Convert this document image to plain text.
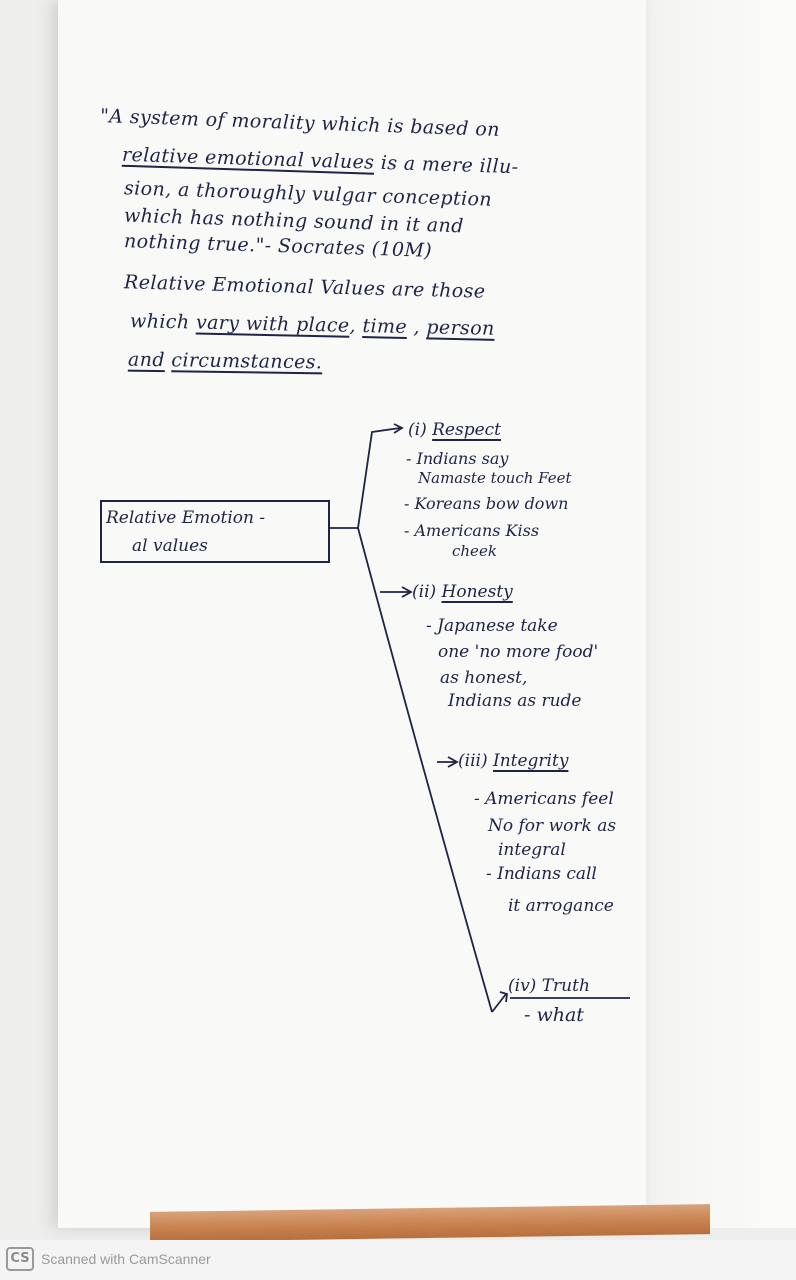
"A system of morality which is based on
relative emotional values is a mere illu-
sion, a thoroughly vulgar conception
which has nothing sound in it and
nothing true."- Socrates (10M)
Relative Emotional Values are those
which vary with place, time , person
and circumstances.
Relative Emotion -
al values
(i) Respect
- Indians say
Namaste touch Feet
- Koreans bow down
- Americans Kiss
cheek
(ii) Honesty
- Japanese take
one 'no more food'
as honest,
Indians as rude
(iii) Integrity
- Americans feel
No for work as
integral
- Indians call
it arrogance
(iv) Truth
- what
CS Scanned with CamScanner
